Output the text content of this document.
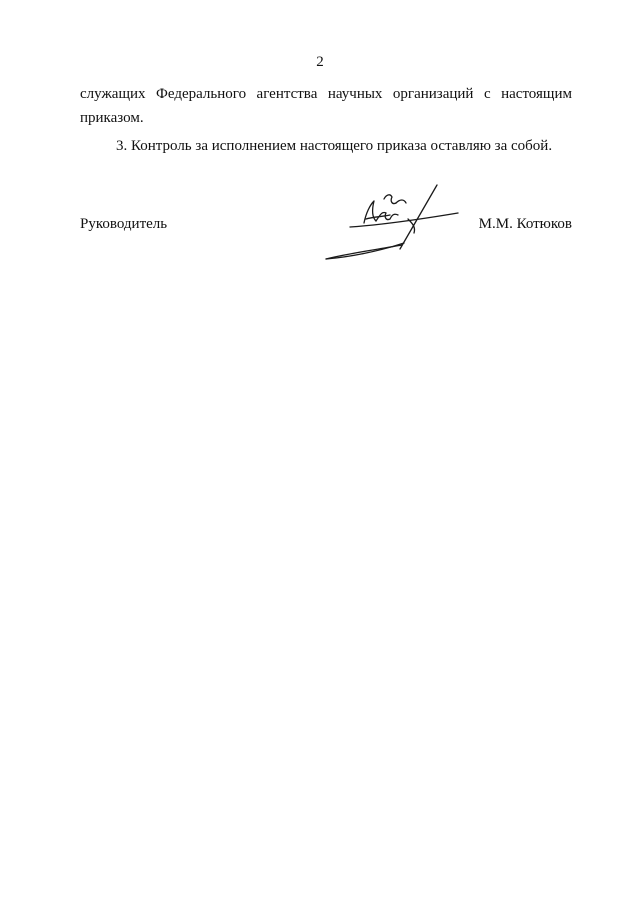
2
служащих Федерального агентства научных организаций с настоящим
приказом.
3. Контроль за исполнением настоящего приказа оставляю за собой.
Руководитель	М.М. Котюков
